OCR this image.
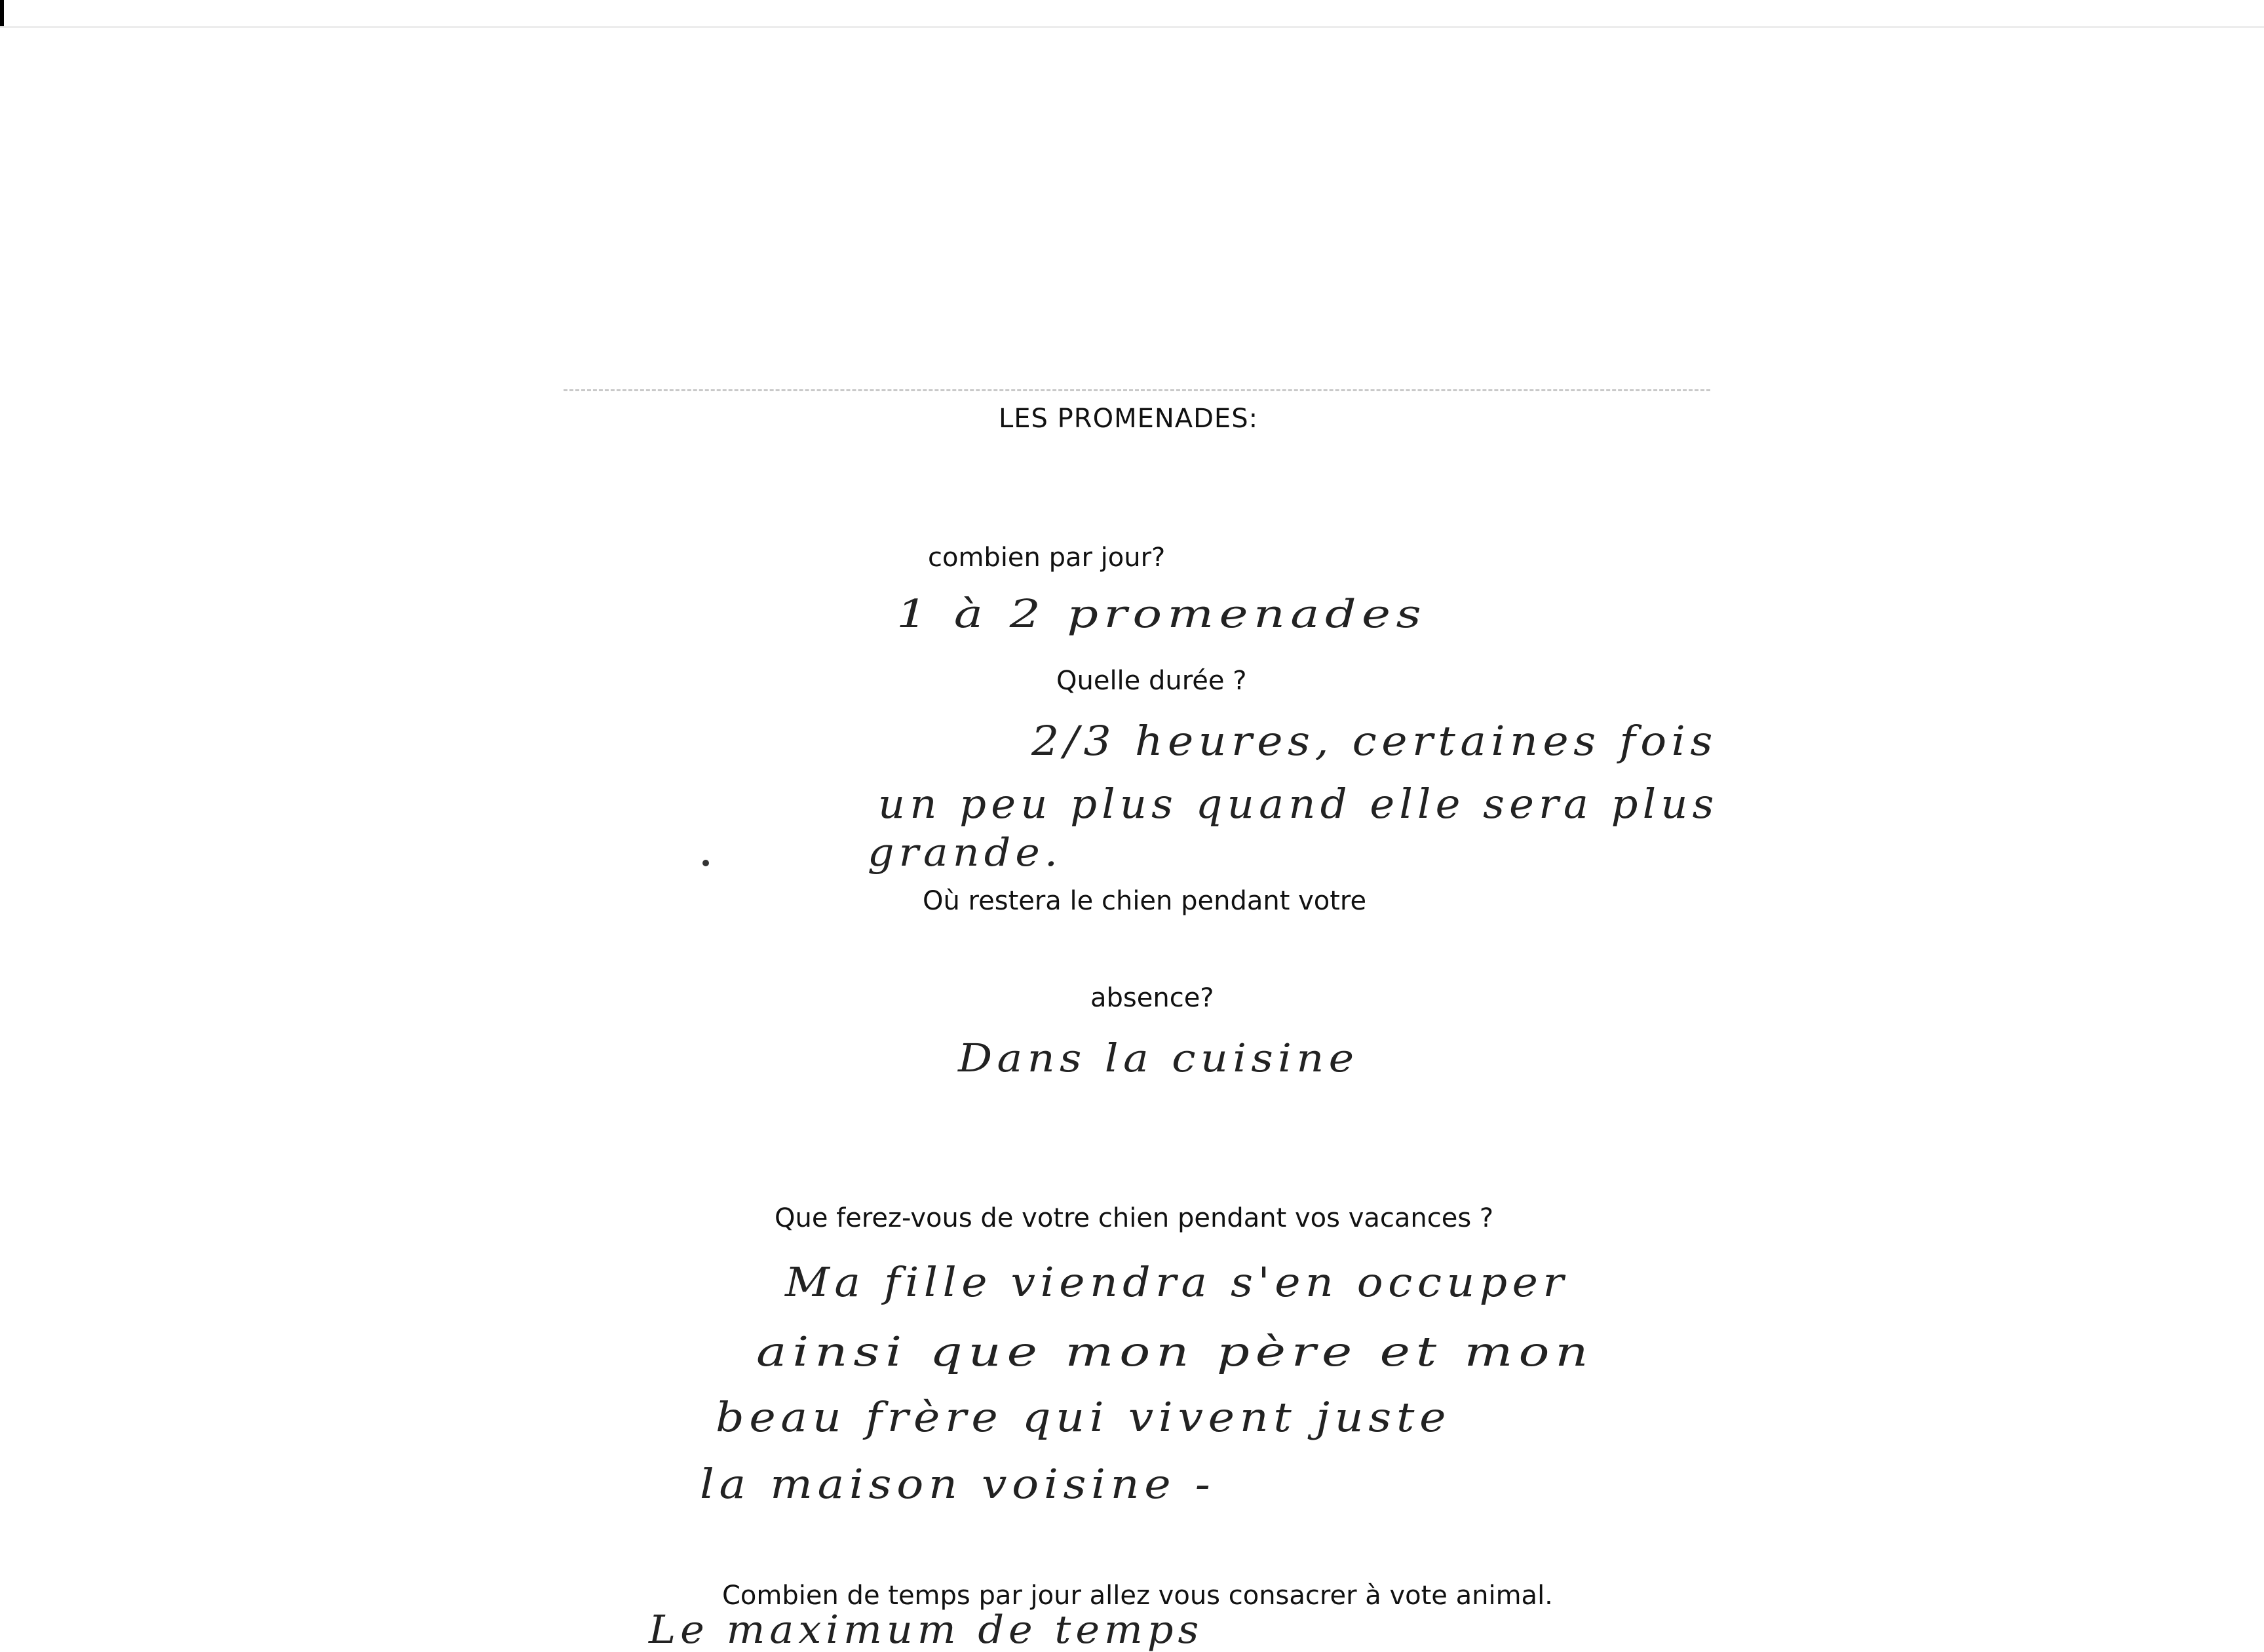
LES PROMENADES:
combien par jour?
1 à 2 promenades
Quelle durée ?
2/3 heures, certaines fois
un peu plus quand elle sera plus
grande.
Où restera le chien pendant votre
absence?
Dans la cuisine
Que ferez-vous de votre chien pendant vos vacances ?
Ma fille viendra s'en occuper
ainsi que mon père et mon
beau frère qui vivent juste
la maison voisine -
Combien de temps par jour allez vous consacrer à vote animal.
Le maximum de temps
